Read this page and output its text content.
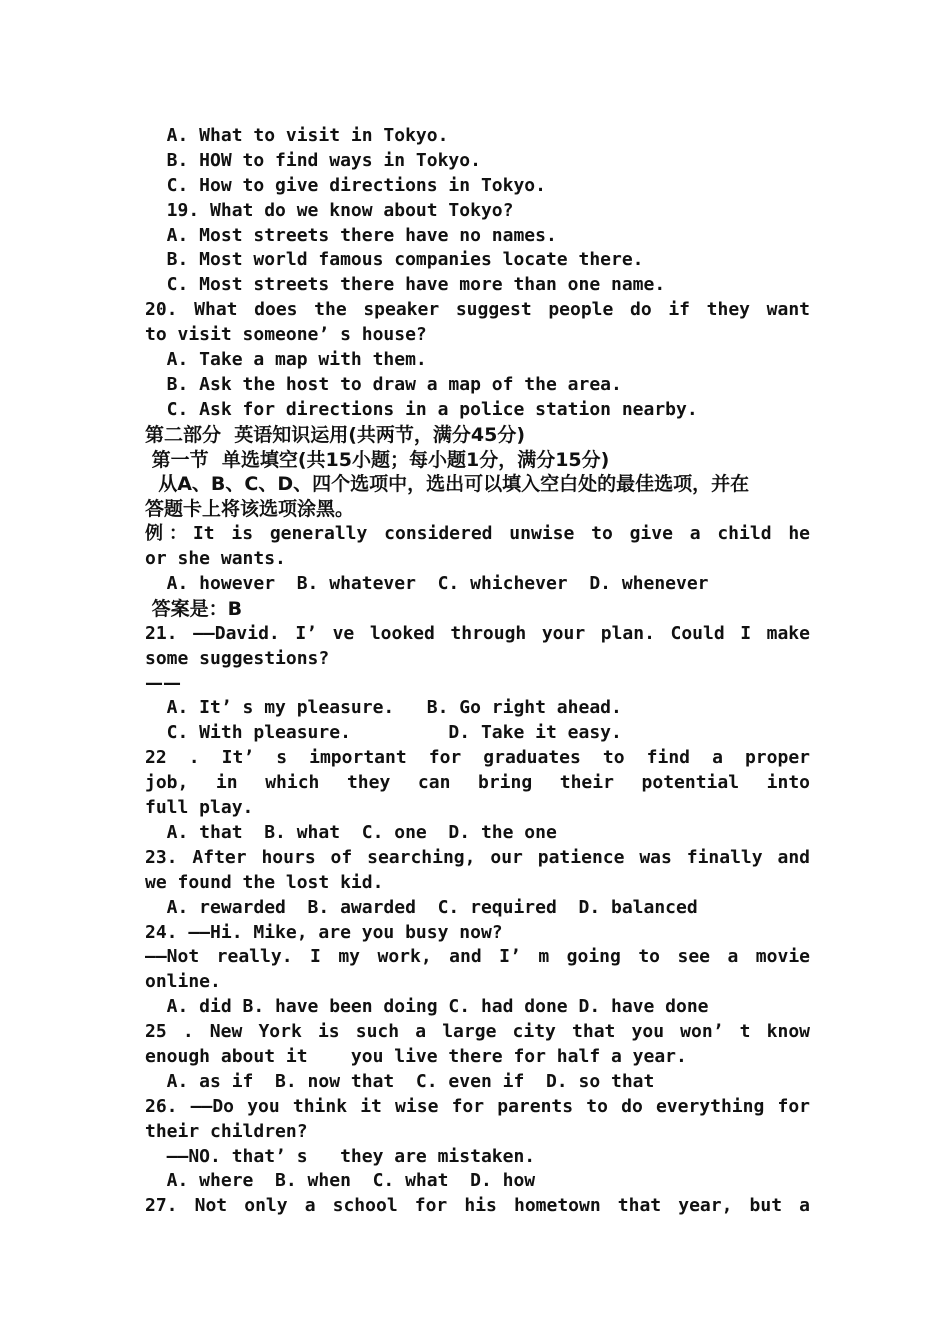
A. What to visit in Tokyo.
B. HOW to find ways in Tokyo.
C. How to give directions in Tokyo.
19. What do we know about Tokyo?
A. Most streets there have no names.
B. Most world famous companies locate there.
C. Most streets there have more than one name.
20. What does the speaker suggest people do if they want
to visit someone’ s house?
A. Take a map with them.
B. Ask the host to draw a map of the area.
C. Ask for directions in a police station nearby.
第二部分  英语知识运用(共两节，满分45分)
第一节  单选填空(共15小题；每小题1分，满分15分)
从A、B、C、D、四个选项中，选出可以填入空白处的最佳选项，并在
答题卡上将该选项涂黑。
例：It is generally considered unwise to give a child he
or she wants.
A. however  B. whatever  C. whichever  D. whenever
答案是：B
21. ——David. I’ ve looked through your plan. Could I make
some suggestions?
——
A. It’ s my pleasure.   B. Go right ahead.
C. With pleasure.         D. Take it easy.
22 . It’ s important for graduates to find a proper
job, in which they can bring their potential into
full play.
A. that  B. what  C. one  D. the one
23. After hours of searching, our patience was finally and
we found the lost kid.
A. rewarded  B. awarded  C. required  D. balanced
24. ——Hi. Mike, are you busy now?
——Not really. I my work, and I’ m going to see a movie
online.
A. did B. have been doing C. had done D. have done
25 . New York is such a large city that you won’ t know
enough about it    you live there for half a year.
A. as if  B. now that  C. even if  D. so that
26. ——Do you think it wise for parents to do everything for
their children?
——NO. that’ s   they are mistaken.
A. where  B. when  C. what  D. how
27. Not only a school for his hometown that year, but a
